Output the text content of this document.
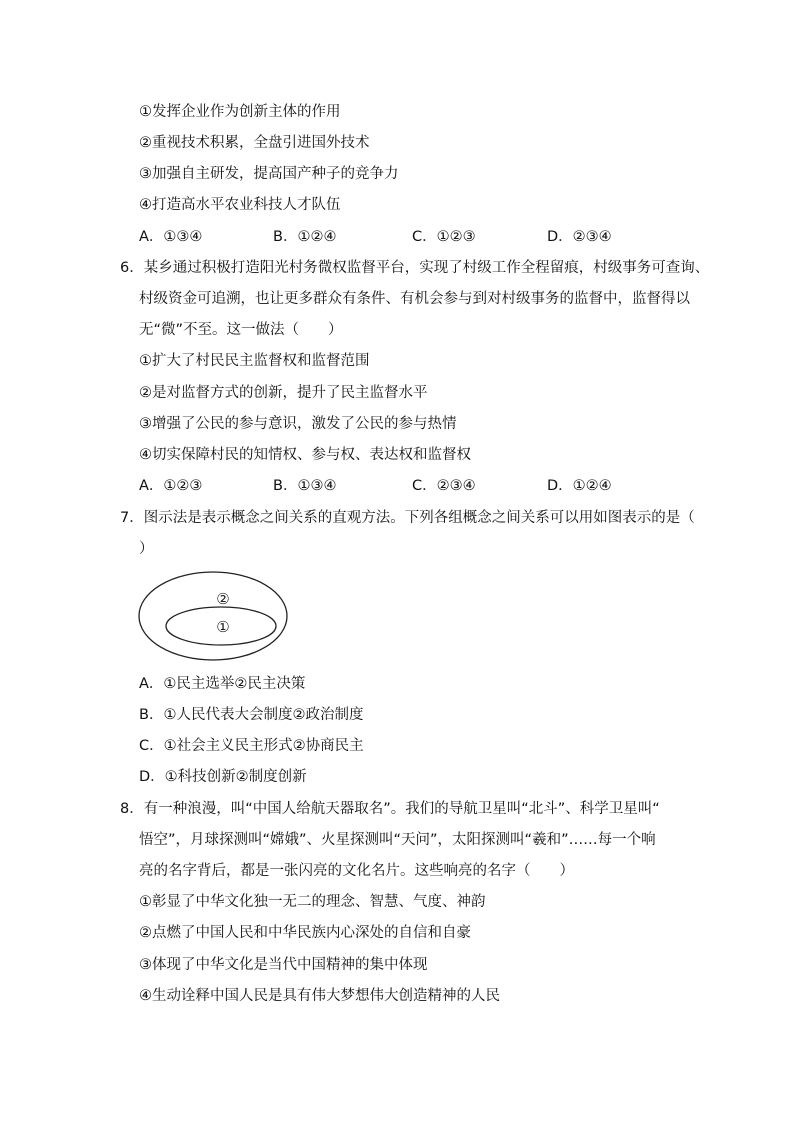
①发挥企业作为创新主体的作用
②重视技术积累，全盘引进国外技术
③加强自主研发，提高国产种子的竞争力
④打造高水平农业科技人才队伍
A．①③④	B．①②④	C．①②③	D．②③④
6．某乡通过积极打造阳光村务微权监督平台，实现了村级工作全程留痕，村级事务可查询、
村级资金可追溯，也让更多群众有条件、有机会参与到对村级事务的监督中，监督得以
无“微”不至。这一做法（　　）
①扩大了村民民主监督权和监督范围
②是对监督方式的创新，提升了民主监督水平
③增强了公民的参与意识，激发了公民的参与热情
④切实保障村民的知情权、参与权、表达权和监督权
A．①②③	B．①③④	C．②③④	D．①②④
7．图示法是表示概念之间关系的直观方法。下列各组概念之间关系可以用如图表示的是（
）
②
①
A．①民主选举②民主决策
B．①人民代表大会制度②政治制度
C．①社会主义民主形式②协商民主
D．①科技创新②制度创新
8．有一种浪漫，叫“中国人给航天器取名”。我们的导航卫星叫“北斗”、科学卫星叫“
悟空”，月球探测叫“嫦娥”、火星探测叫“天问”，太阳探测叫“羲和”……每一个响
亮的名字背后，都是一张闪亮的文化名片。这些响亮的名字（　　）
①彰显了中华文化独一无二的理念、智慧、气度、神韵
②点燃了中国人民和中华民族内心深处的自信和自豪
③体现了中华文化是当代中国精神的集中体现
④生动诠释中国人民是具有伟大梦想伟大创造精神的人民
